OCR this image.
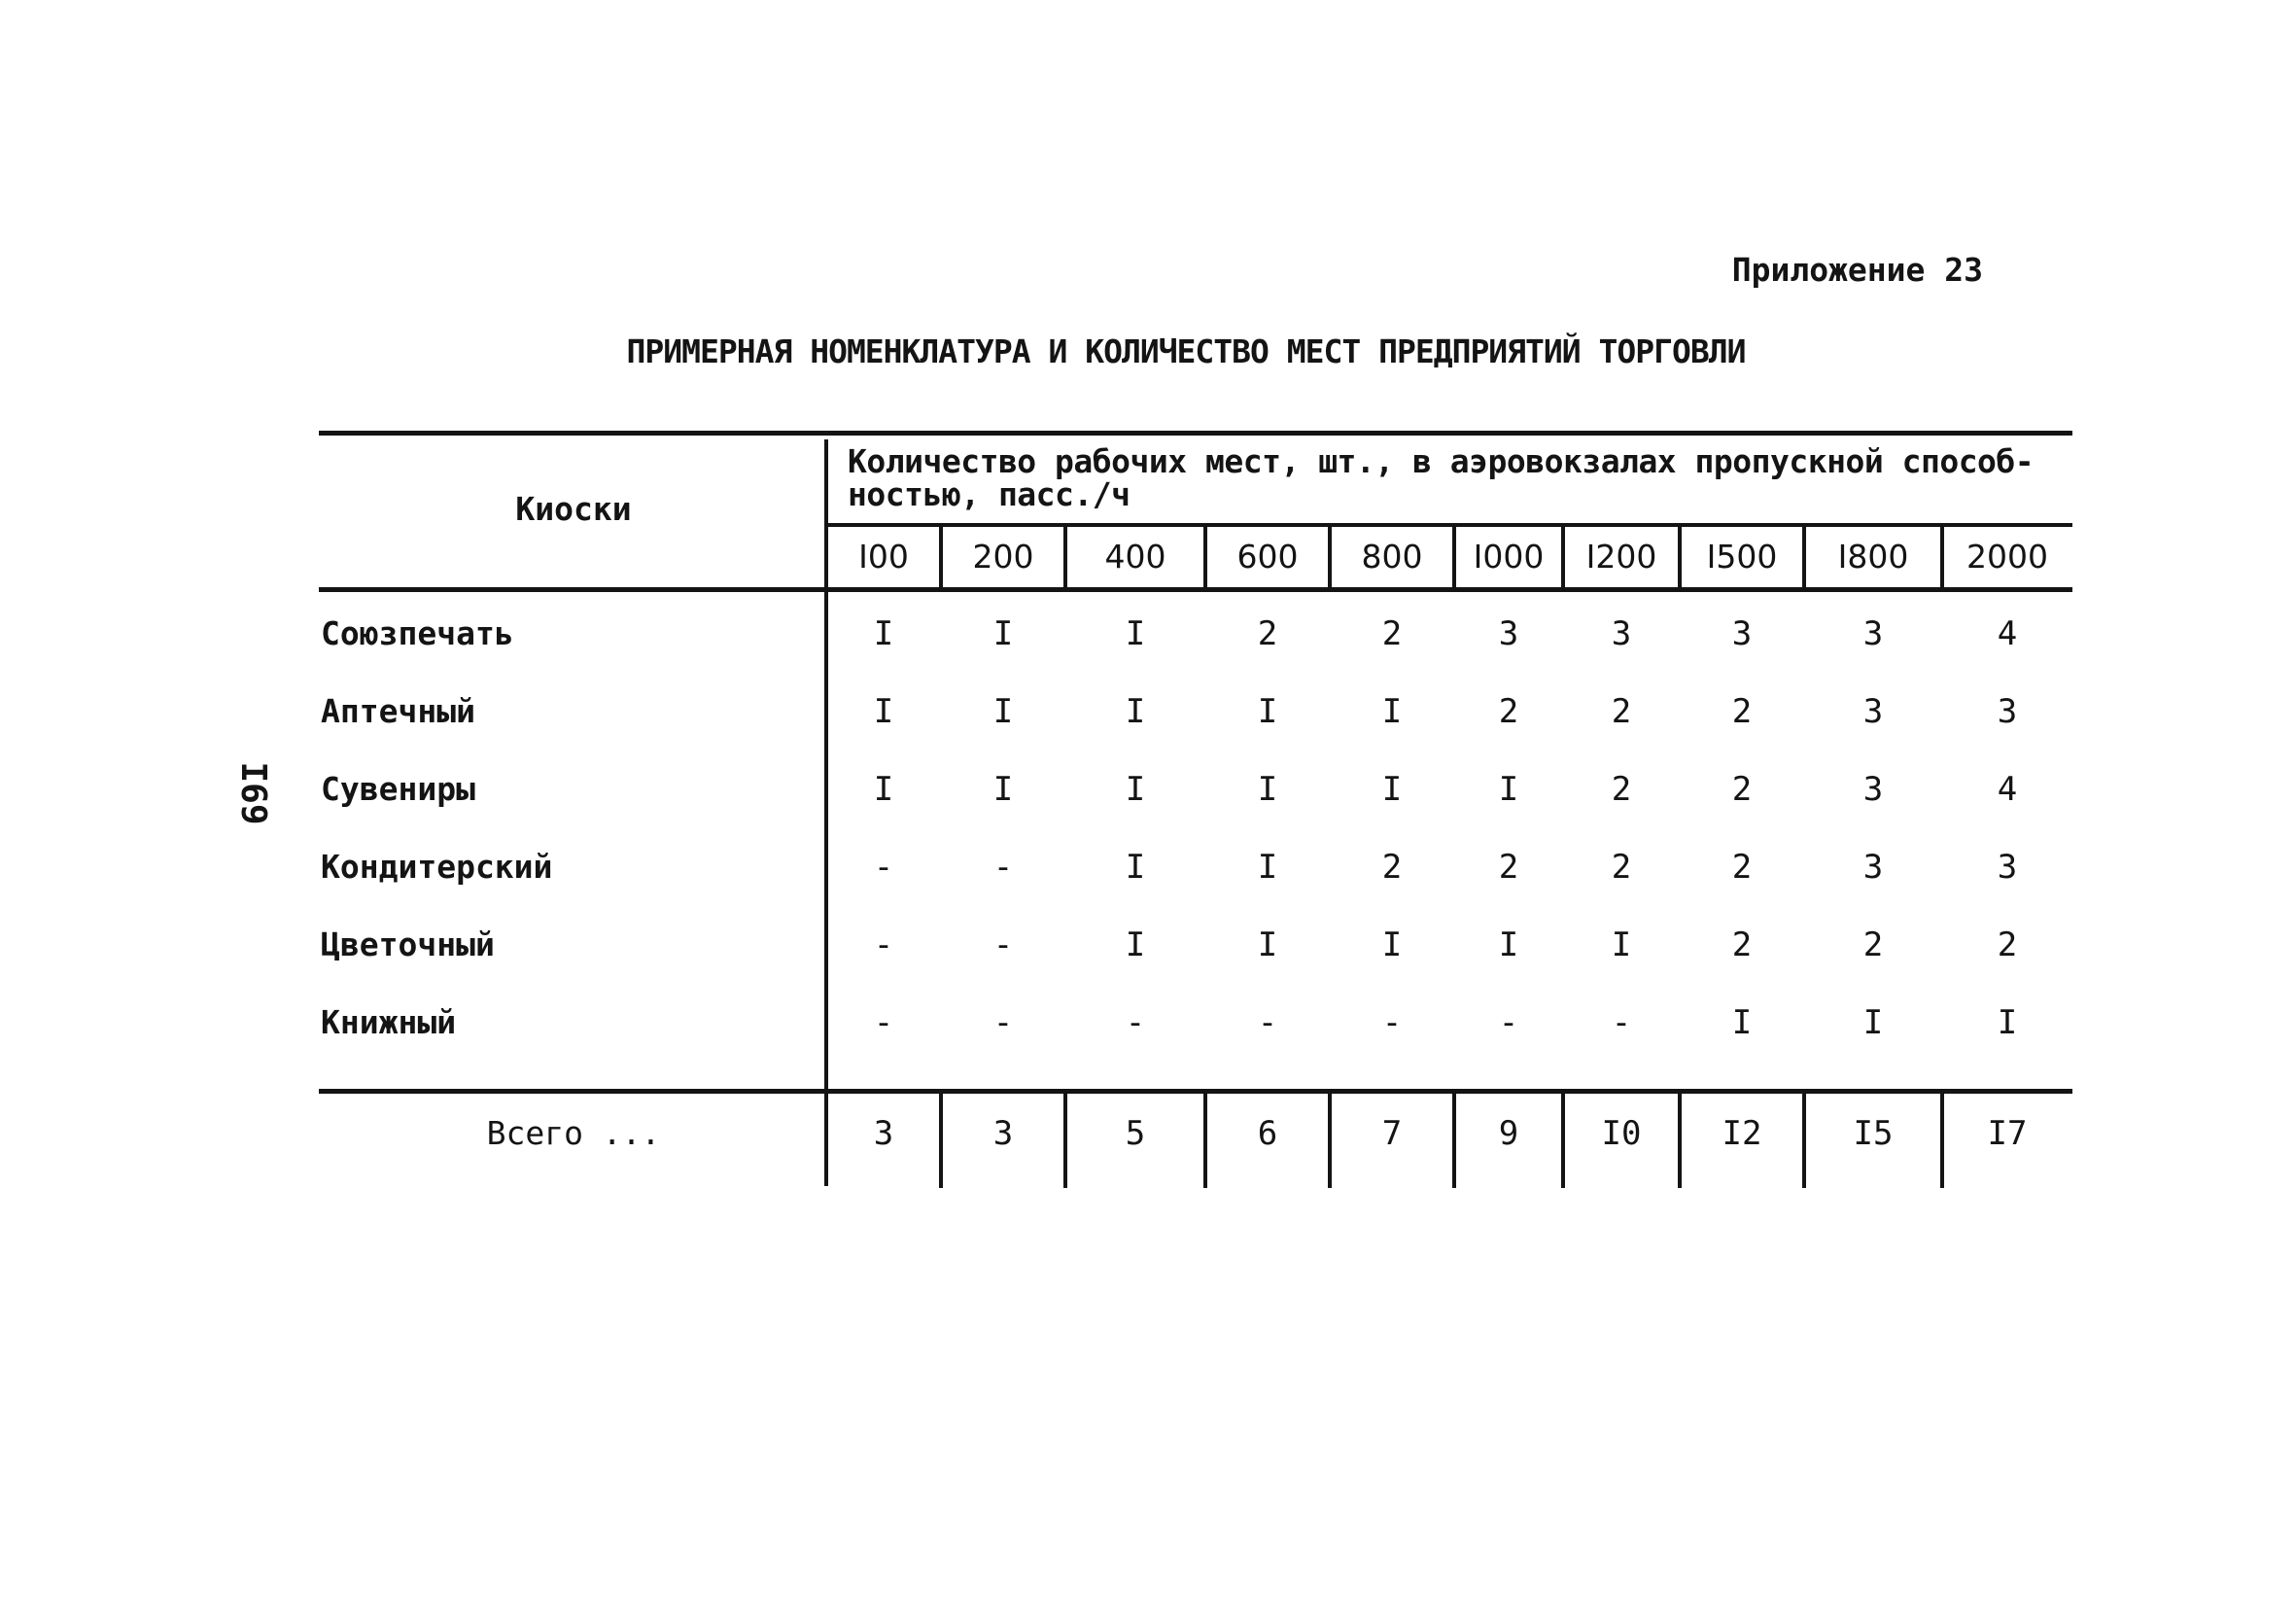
Приложение 23
ПРИМЕРНАЯ НОМЕНКЛАТУРА И КОЛИЧЕСТВО МЕСТ ПРЕДПРИЯТИЙ ТОРГОВЛИ
I69
Киоски
Количество рабочих мест, шт., в аэровокзалах пропускной способ-
ностью, пасс./ч
I00	200	400	600	800	I000	I200	I500	I800	2000
Союзпечать	I	I	I	2	2	3	3	3	3	4
Аптечный	I	I	I	I	I	2	2	2	3	3
Сувениры	I	I	I	I	I	I	2	2	3	4
Кондитерский	-	-	I	I	2	2	2	2	3	3
Цветочный	-	-	I	I	I	I	I	2	2	2
Книжный	-	-	-	-	-	-	-	I	I	I
Всего ...	3	3	5	6	7	9	I0	I2	I5	I7
